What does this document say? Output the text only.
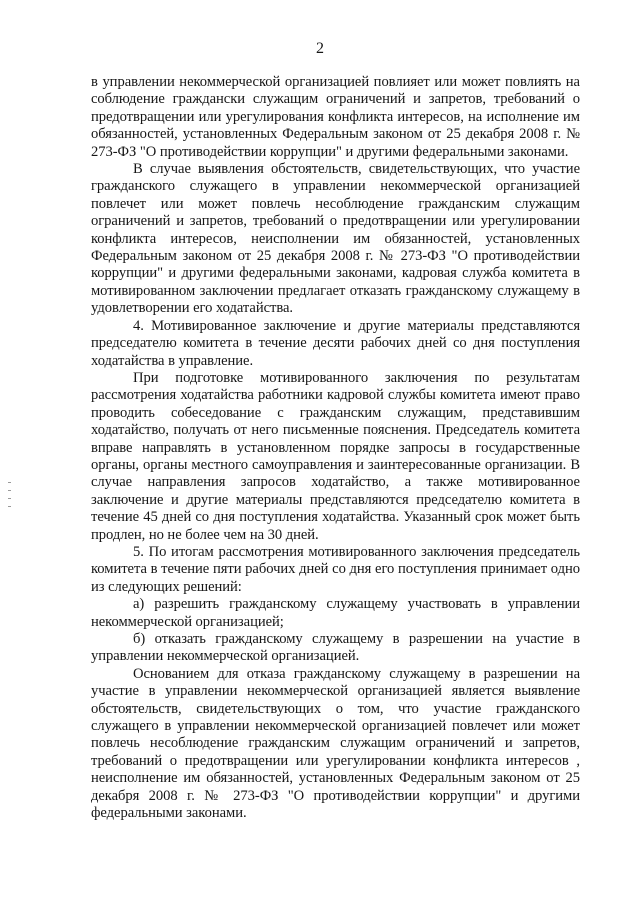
2

в управлении некоммерческой организацией повлияет или может повлиять на соблюдение граждански служащим ограничений и запретов, требований о предотвращении или урегулирования конфликта интересов, на исполнение им обязанностей, установленных Федеральным законом от 25 декабря 2008 г. № 273-ФЗ "О противодействии коррупции" и другими федеральными законами.

В случае выявления обстоятельств, свидетельствующих, что участие гражданского служащего в управлении некоммерческой организацией повлечет или может повлечь несоблюдение гражданским служащим ограничений и запретов, требований о предотвращении или урегулировании конфликта интересов, неисполнении им обязанностей, установленных Федеральным законом от 25 декабря 2008 г. № 273-ФЗ "О противодействии коррупции" и другими федеральными законами, кадровая служба комитета в мотивированном заключении предлагает отказать гражданскому служащему в удовлетворении его ходатайства.

4. Мотивированное заключение и другие материалы представляются председателю комитета в течение десяти рабочих дней со дня поступления ходатайства в управление.

При подготовке мотивированного заключения по результатам рассмотрения ходатайства работники кадровой службы комитета имеют право проводить собеседование с гражданским служащим, представившим ходатайство, получать от него письменные пояснения. Председатель комитета вправе направлять в установленном порядке запросы в государственные органы, органы местного самоуправления и заинтересованные организации. В случае направления запросов ходатайство, а также мотивированное заключение и другие материалы представляются председателю комитета в течение 45 дней со дня поступления ходатайства. Указанный срок может быть продлен, но не более чем на 30 дней.

5. По итогам рассмотрения мотивированного заключения председатель комитета в течение пяти рабочих дней со дня его поступления принимает одно из следующих решений:

а) разрешить гражданскому служащему участвовать в управлении некоммерческой организацией;

б) отказать гражданскому служащему в разрешении на участие в управлении некоммерческой организацией.

Основанием для отказа гражданскому служащему в разрешении на участие в управлении некоммерческой организацией является выявление обстоятельств, свидетельствующих о том, что участие гражданского служащего в управлении некоммерческой организацией повлечет или может повлечь несоблюдение гражданским служащим ограничений и запретов, требований о предотвращении или урегулировании конфликта интересов , неисполнение им обязанностей, установленных Федеральным законом от 25 декабря 2008 г. № 273-ФЗ "О противодействии коррупции" и другими федеральными законами.
